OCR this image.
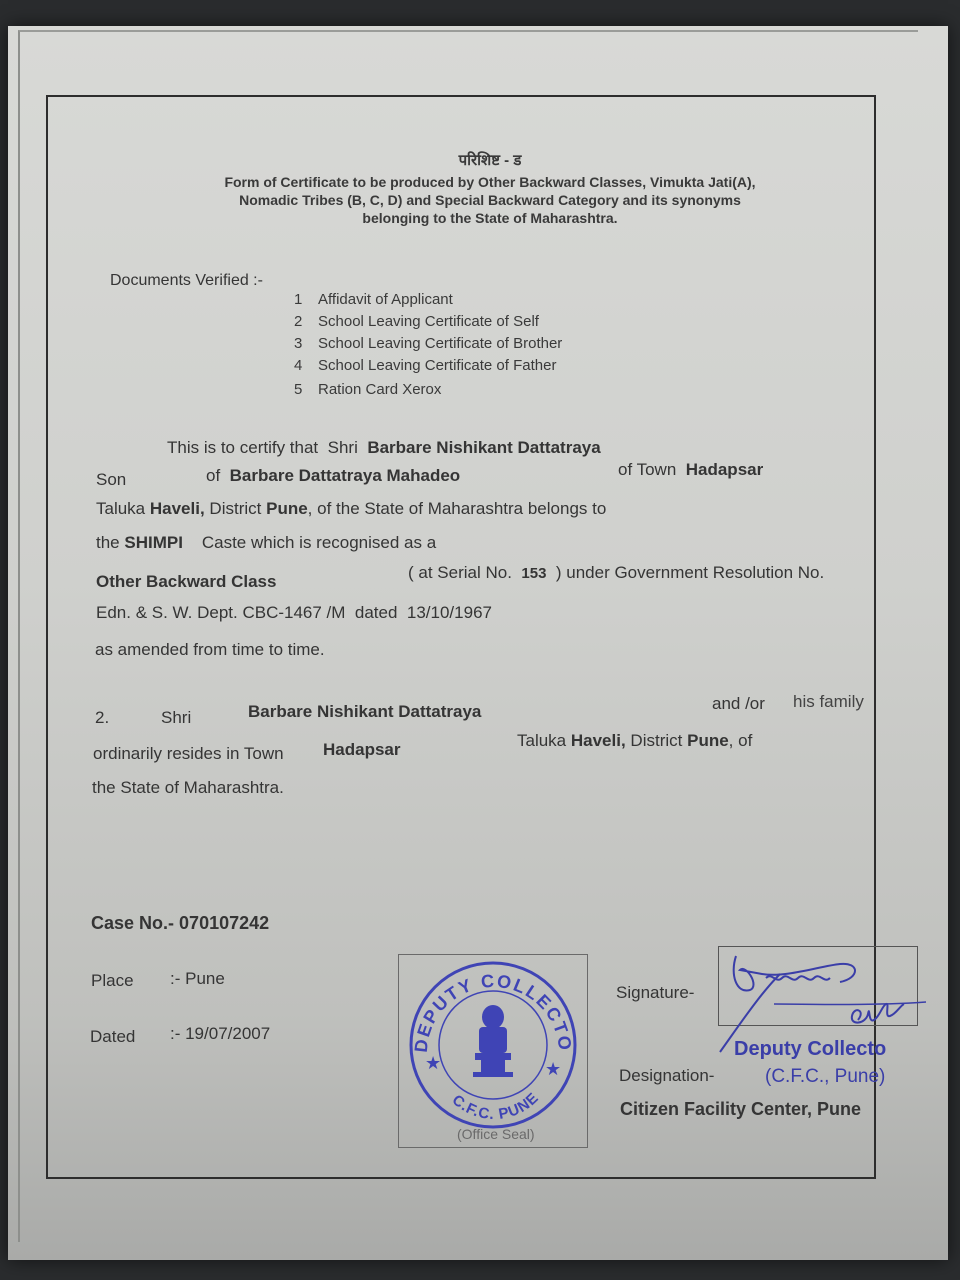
परिशिष्ट - ड
Form of Certificate to be produced by Other Backward Classes, Vimukta Jati(A),
Nomadic Tribes (B, C, D) and Special Backward Category and its synonyms
belonging to the State of Maharashtra.
Documents Verified :-
1 Affidavit of Applicant
2 School Leaving Certificate of Self
3 School Leaving Certificate of Brother
4 School Leaving Certificate of Father
5 Ration Card Xerox
This is to certify that Shri Barbare Nishikant Dattatraya
Son	of Barbare Dattatraya Mahadeo	of Town Hadapsar
Taluka Haveli, District Pune, of the State of Maharashtra belongs to
the SHIMPI Caste which is recognised as a
Other Backward Class	( at Serial No. 153 ) under Government Resolution No.
Edn. & S. W. Dept. CBC-1467 /M dated 13/10/1967
as amended from time to time.
2.	Shri	Barbare Nishikant Dattatraya	and /or his family
ordinarily resides in Town Hadapsar	Taluka Haveli, District Pune, of
the State of Maharashtra.
Case No.- 070107242
Place :- Pune
Dated :- 19/07/2007
DEPUTY COLLECTO
C.F.C. PUNE
★	★
(Office Seal)
Signature-
Designation-
Deputy Collecto
(C.F.C., Pune)
Citizen Facility Center, Pune
